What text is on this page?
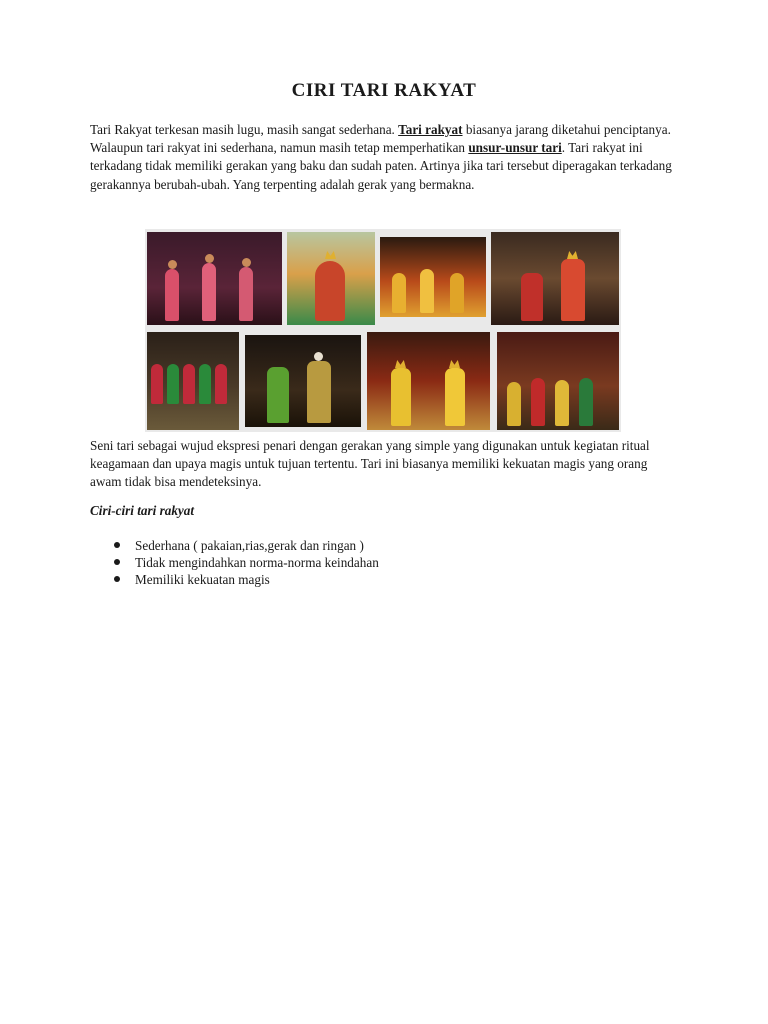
CIRI TARI RAKYAT

Tari Rakyat terkesan masih lugu, masih sangat sederhana. Tari rakyat biasanya jarang diketahui penciptanya. Walaupun tari rakyat ini sederhana, namun masih tetap memperhatikan unsur-unsur tari. Tari rakyat ini terkadang tidak memiliki gerakan yang baku dan sudah paten. Artinya jika tari tersebut diperagakan terkadang gerakannya berubah-ubah. Yang terpenting adalah gerak yang bermakna.

Seni tari sebagai wujud ekspresi penari dengan gerakan yang simple yang digunakan untuk kegiatan ritual keagamaan dan upaya magis untuk tujuan tertentu. Tari ini biasanya memiliki kekuatan magis yang orang awam tidak bisa mendeteksinya.

Ciri-ciri tari rakyat

Sederhana ( pakaian,rias,gerak dan ringan )
Tidak mengindahkan norma-norma keindahan
Memiliki kekuatan magis
